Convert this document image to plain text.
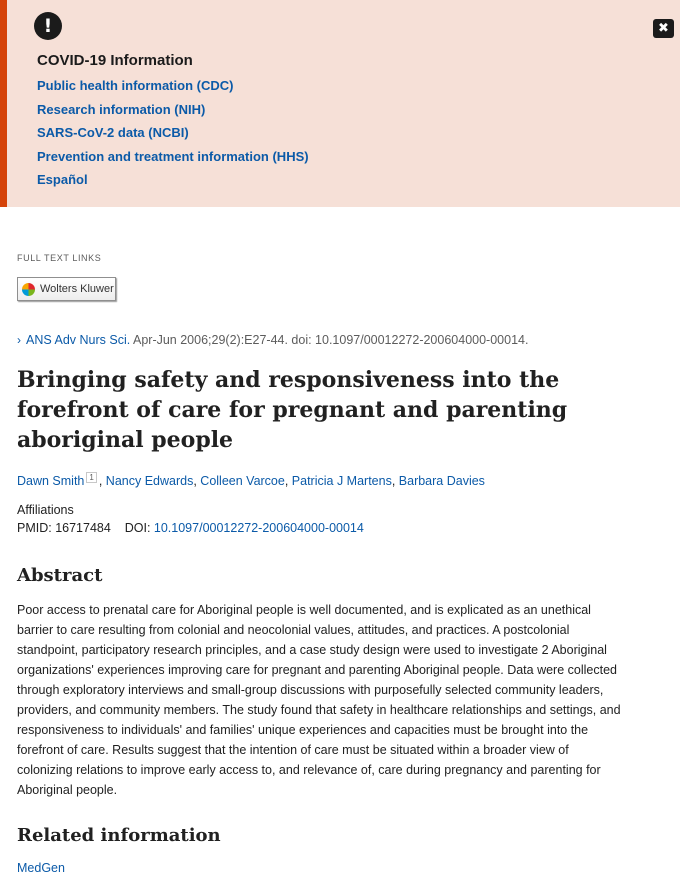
!	✖
COVID-19 Information
Public health information (CDC)
Research information (NIH)
SARS-CoV-2 data (NCBI)
Prevention and treatment information (HHS)
Español
FULL TEXT LINKS
Wolters Kluwer
› ANS Adv Nurs Sci. Apr-Jun 2006;29(2):E27-44. doi: 10.1097/00012272-200604000-00014.
Bringing safety and responsiveness into the forefront of care for pregnant and parenting aboriginal people
Dawn Smith $^1$ , Nancy Edwards, Colleen Varcoe, Patricia J Martens, Barbara Davies
Affiliations
PMID: 16717484 DOI: 10.1097/00012272-200604000-00014
Abstract

Poor access to prenatal care for Aboriginal people is well documented, and is explicated as an unethical barrier to care resulting from colonial and neocolonial values, attitudes, and practices. A postcolonial standpoint, participatory research principles, and a case study design were used to investigate 2 Aboriginal organizations' experiences improving care for pregnant and parenting Aboriginal people. Data were collected through exploratory interviews and small-group discussions with purposefully selected community leaders, providers, and community members. The study found that safety in healthcare relationships and settings, and responsiveness to individuals' and families' unique experiences and capacities must be brought into the forefront of care. Results suggest that the intention of care must be situated within a broader view of colonizing relations to improve early access to, and relevance of, care during pregnancy and parenting for Aboriginal people.

Related information
MedGen
